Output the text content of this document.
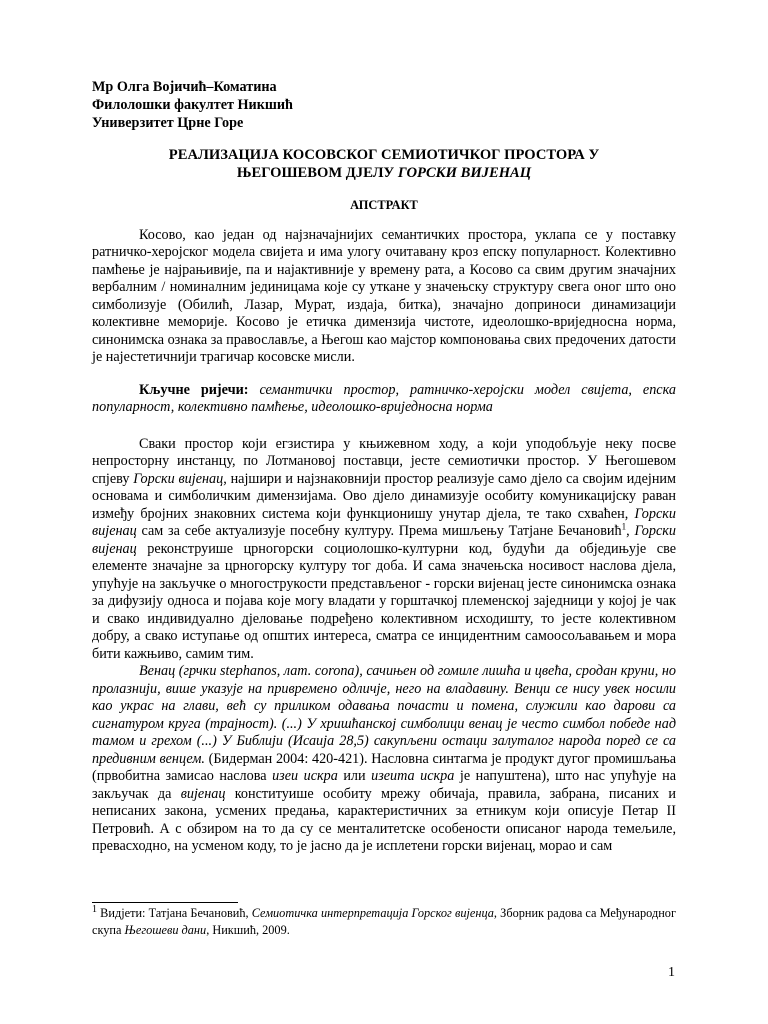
Мр Олга Војичић–Коматина
Филолошки факултет Никшић
Универзитет Црне Горе
РЕАЛИЗАЦИЈА КОСОВСКОГ СЕМИОТИЧКОГ ПРОСТОРА У
ЊЕГОШЕВОМ ДЈЕЛУ ГОРСКИ ВИЈЕНАЦ
АПСТРАКТ

Косово, као један од најзначајнијих семантичких простора, уклапа се у поставку ратничко-херојског модела свијета и има улогу очитавану кроз епску популарност. Колективно памћење је најрањивије, па и најактивније у времену рата, а Косово са свим другим значајних вербалним / номиналним јединицама које су уткане у значењску структуру свега оног што оно симболизује (Обилић, Лазар, Мурат, издаја, битка), значајно доприноси динамизацији колективне меморије. Косово је етичка димензија чистоте, идеолошко-вриједносна норма, синонимска ознака за православље, а Његош као мајстор компоновања свих предочених датости је најестетичнији трагичар косовске мисли.

Кључне ријечи: семантички простор, ратничко-херојски модел свијета, епска популарност, колективно памћење, идеолошко-вриједносна норма

Сваки простор који егзистира у књижевном ходу, а који уподобљује неку посве непросторну инстанцу, по Лотмановој поставци, јесте семиотички простор. У Његошевом спјеву Горски вијенац, најшири и најзнаковнији простор реализује само дјело са својим идејним основама и симболичким димензијама. Ово дјело динамизује особиту комуникацијску раван између бројних знаковних система који функционишу унутар дјела, те тако схваћен, Горски вијенац сам за себе актуализује посебну културу. Према мишљењу Татјане Бечановић$^1$, Горски вијенац реконструише црногорски социолошко-културни код, будући да обједињује све елементе значајне за црногорску културу тог доба. И сама значењска носивост наслова дјела, упућује на закључке о многострукости представљеног - горски вијенац јесте синонимска ознака за дифузију односа и појава које могу владати у горштачкој племенској заједници у којој је чак и свако индивидуално дјеловање подређено колективном исходишту, то јесте колективном добру, а свако иступање од општих интереса, сматра се инцидентним самоосољавањем и мора бити кажњиво, самим тим.

Венац (грчки stephanos, лат. corona), сачињен од гомиле лишћа и цвећа, сродан круни, но пролазнији, више указује на привремено одличје, него на владавину. Венци се нису увек носили као украс на глави, већ су приликом одавања почасти и помена, служили као дарови са сигнатуром круга (трајност). (...) У хришћанској симболици венац је често симбол победе над тамом и грехом (...) У Библији (Исаија 28,5) сакупљени остаци залуталог народа поред се са предивним венцем. (Бидерман 2004: 420-421). Насловна синтагма је продукт дугог промишљања (првобитна замисао наслова изеи искра или изеита искра је напуштена), што нас упућује на закључак да вијенац конституише особиту мрежу обичаја, правила, забрана, писаних и неписаних закона, усмених предања, карактеристичних за етникум који описује Петар II Петровић. А с обзиром на то да су се менталитетске особености описаног народа темељиле, превасходно, на усменом коду, то је јасно да је исплетени горски вијенац, морао и сам

$^1$ Видјети: Татјана Бечановић, Семиотичка интерпретација Горског вијенца, Зборник радова са Међународног скупа Његошеви дани, Никшић, 2009.
1
